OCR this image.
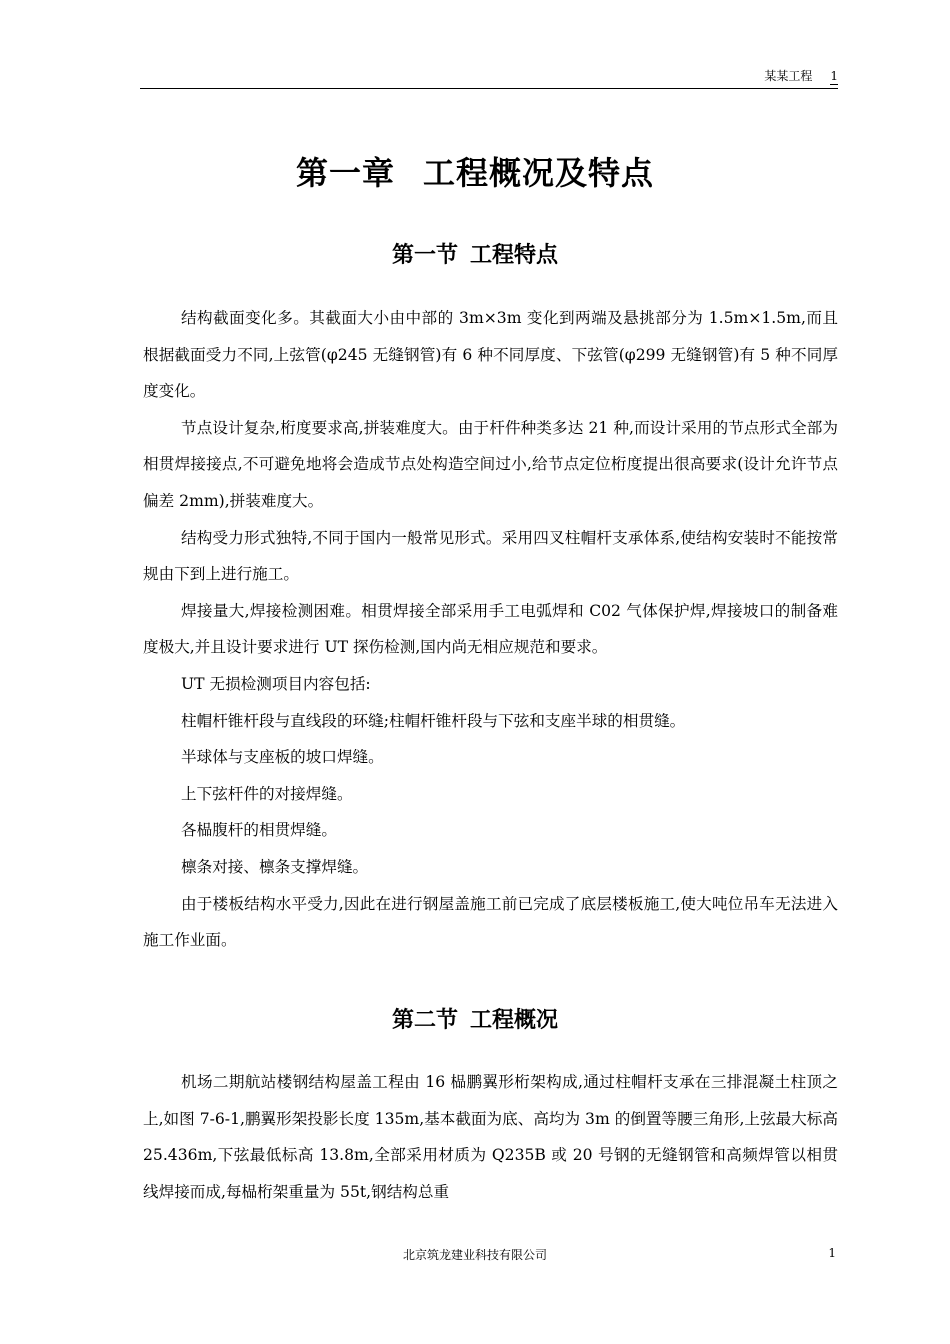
某某工程 1
第一章 工程概况及特点
第一节 工程特点

结构截面变化多。其截面大小由中部的 3m×3m 变化到两端及悬挑部分为 1.5m×1.5m,而且根据截面受力不同,上弦管(φ245 无缝钢管)有 6 种不同厚度、下弦管(φ299 无缝钢管)有 5 种不同厚度变化。

节点设计复杂,桁度要求高,拼装难度大。由于杆件种类多达 21 种,而设计采用的节点形式全部为相贯焊接接点,不可避免地将会造成节点处构造空间过小,给节点定位桁度提出很高要求(设计允许节点偏差 2mm),拼装难度大。

结构受力形式独特,不同于国内一般常见形式。采用四叉柱帽杆支承体系,使结构安装时不能按常规由下到上进行施工。

焊接量大,焊接检测困难。相贯焊接全部采用手工电弧焊和 C02 气体保护焊,焊接坡口的制备难度极大,并且设计要求进行 UT 探伤检测,国内尚无相应规范和要求。

UT 无损检测项目内容包括:

柱帽杆锥杆段与直线段的环缝;柱帽杆锥杆段与下弦和支座半球的相贯缝。

半球体与支座板的坡口焊缝。

上下弦杆件的对接焊缝。

各榀腹杆的相贯焊缝。

檩条对接、檩条支撑焊缝。

由于楼板结构水平受力,因此在进行钢屋盖施工前已完成了底层楼板施工,使大吨位吊车无法进入施工作业面。

第二节 工程概况

机场二期航站楼钢结构屋盖工程由 16 榀鹏翼形桁架构成,通过柱帽杆支承在三排混凝土柱顶之上,如图 7-6-1,鹏翼形架投影长度 135m,基本截面为底、高均为 3m 的倒置等腰三角形,上弦最大标高 25.436m,下弦最低标高 13.8m,全部采用材质为 Q235B 或 20 号钢的无缝钢管和高频焊管以相贯线焊接而成,每榀桁架重量为 55t,钢结构总重

北京筑龙建业科技有限公司	1
